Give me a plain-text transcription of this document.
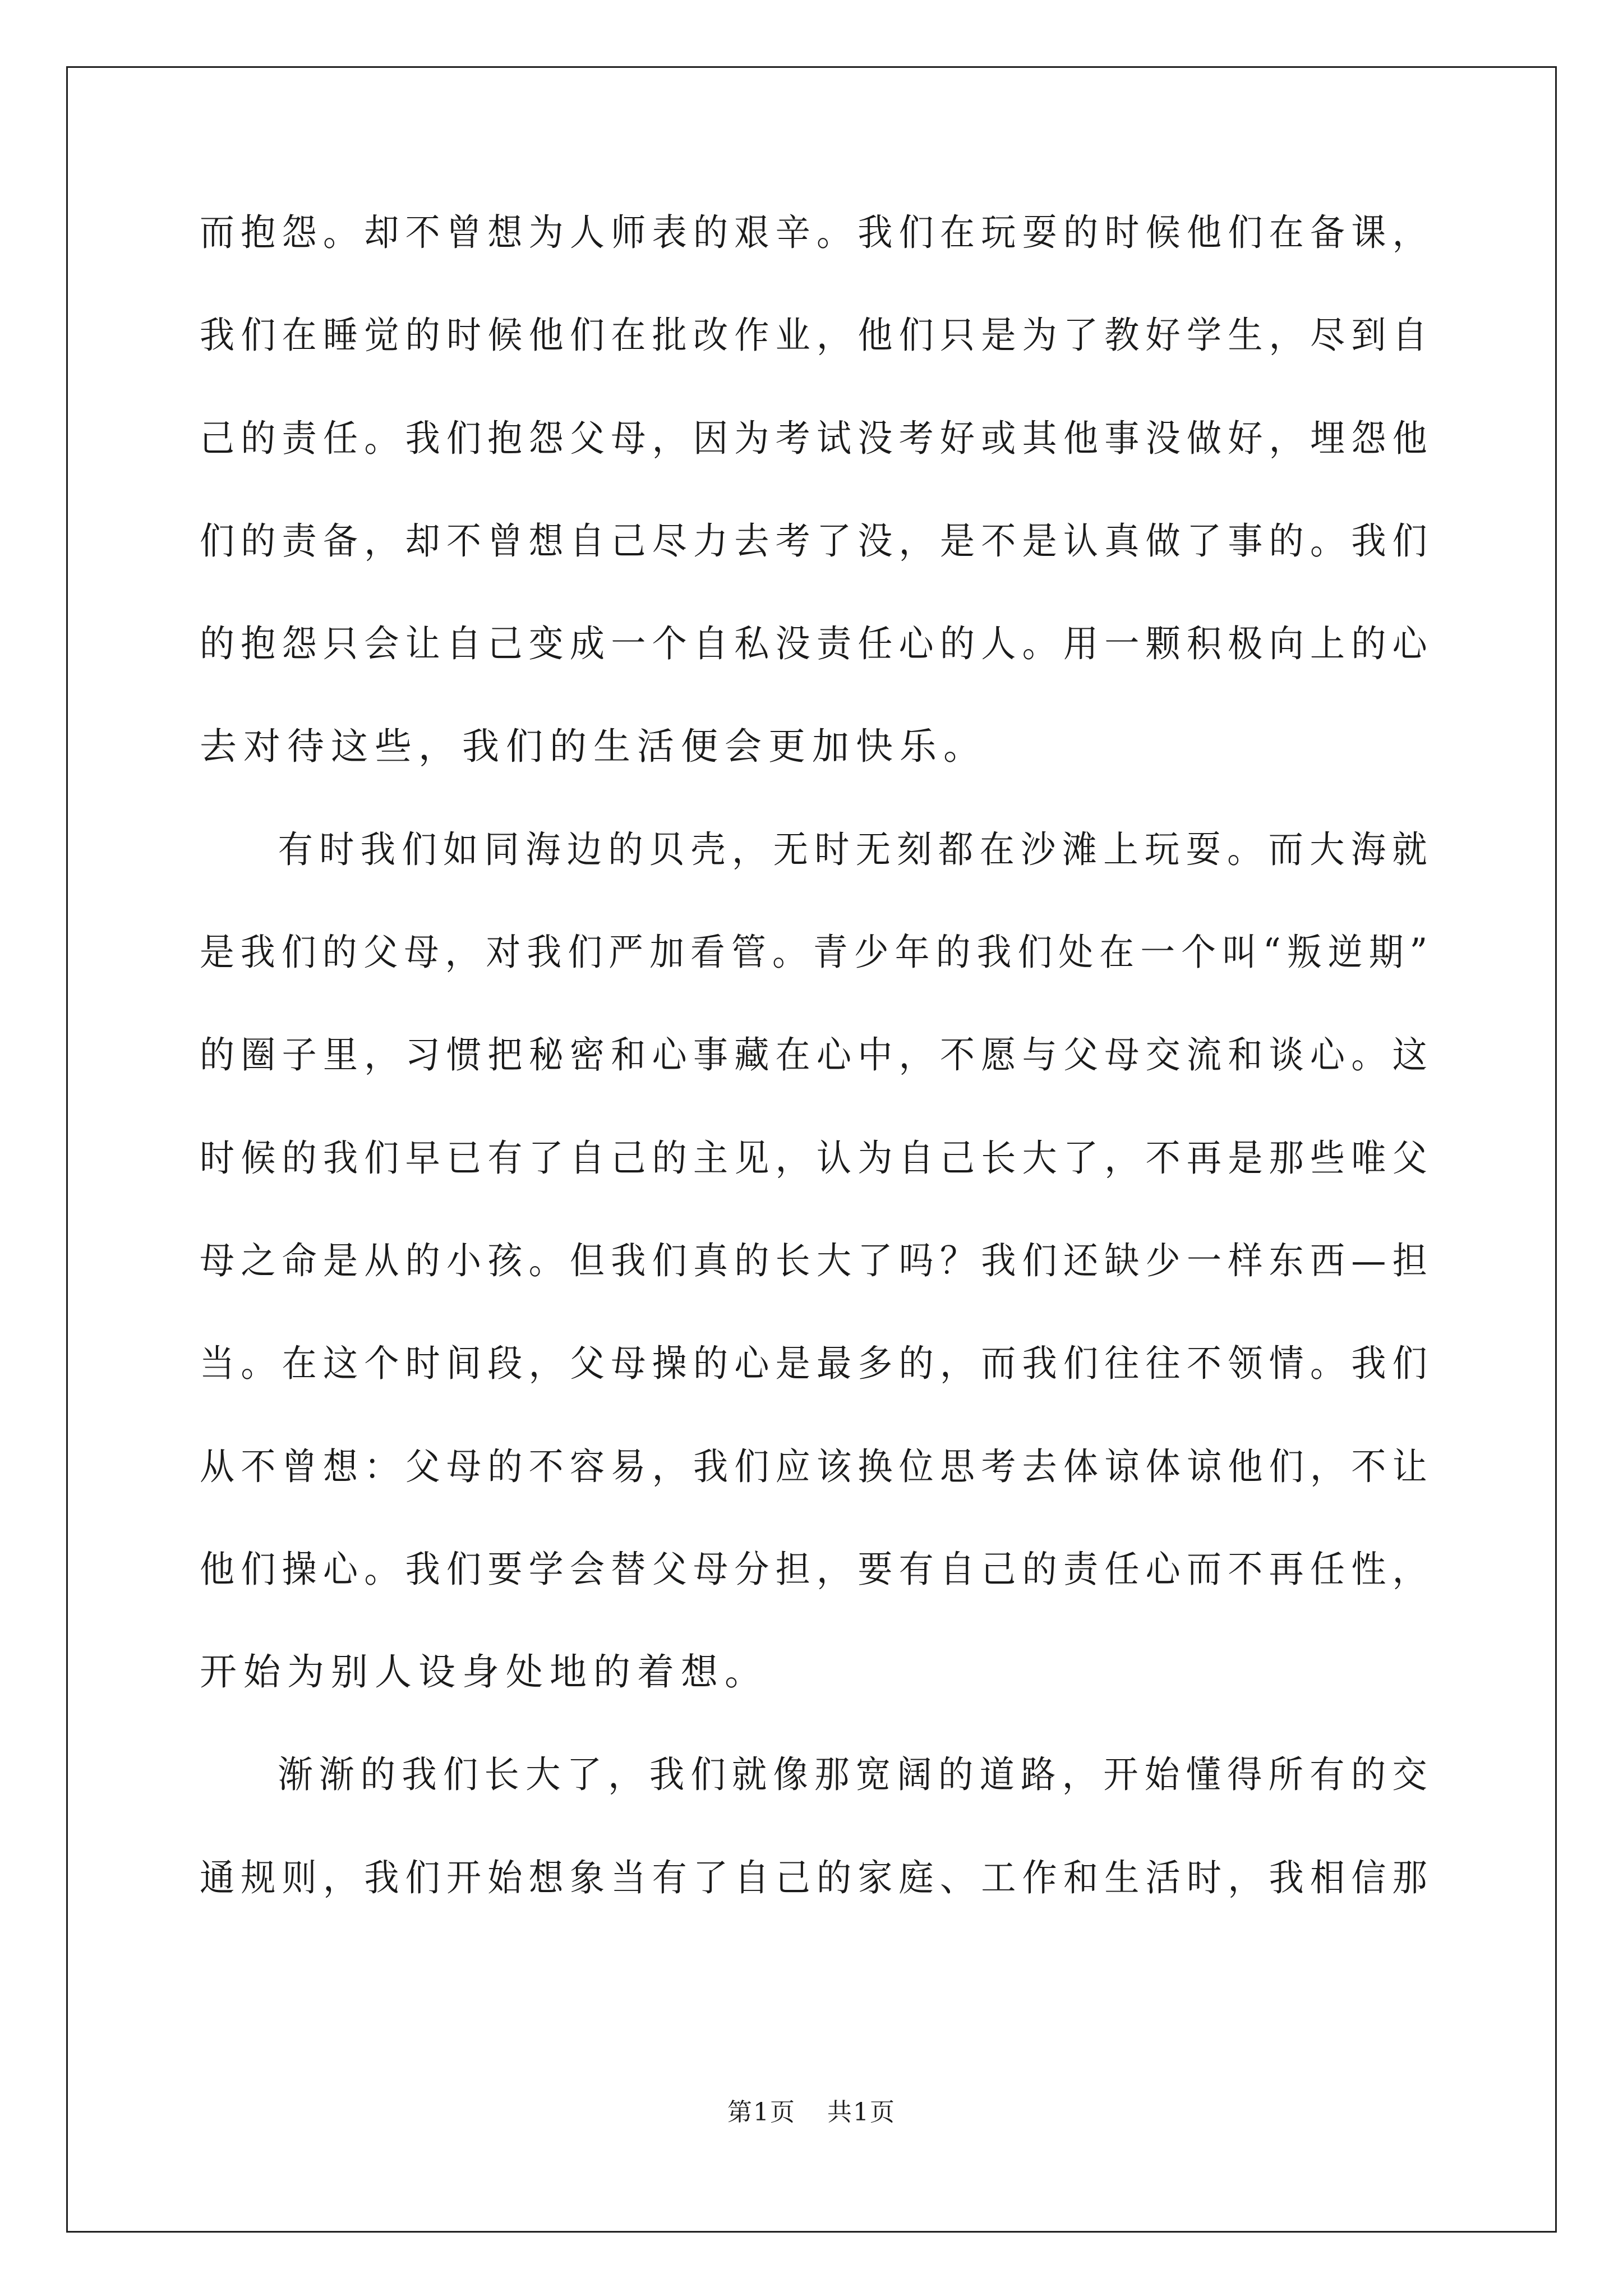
而抱怨。却不曾想为人师表的艰辛。我们在玩耍的时候他们在备课，
我们在睡觉的时候他们在批改作业，他们只是为了教好学生，尽到自
己的责任。我们抱怨父母，因为考试没考好或其他事没做好，埋怨他
们的责备，却不曾想自己尽力去考了没，是不是认真做了事的。我们
的抱怨只会让自己变成一个自私没责任心的人。用一颗积极向上的心
去对待这些，我们的生活便会更加快乐。
有时我们如同海边的贝壳，无时无刻都在沙滩上玩耍。而大海就
是我们的父母，对我们严加看管。青少年的我们处在一个叫“叛逆期”
的圈子里，习惯把秘密和心事藏在心中，不愿与父母交流和谈心。这
时候的我们早已有了自己的主见，认为自己长大了，不再是那些唯父
母之命是从的小孩。但我们真的长大了吗？我们还缺少一样东西—担
当。在这个时间段，父母操的心是最多的，而我们往往不领情。我们
从不曾想：父母的不容易，我们应该换位思考去体谅体谅他们，不让
他们操心。我们要学会替父母分担，要有自己的责任心而不再任性，
开始为别人设身处地的着想。
渐渐的我们长大了，我们就像那宽阔的道路，开始懂得所有的交
通规则，我们开始想象当有了自己的家庭、工作和生活时，我相信那
第1页 共1页
